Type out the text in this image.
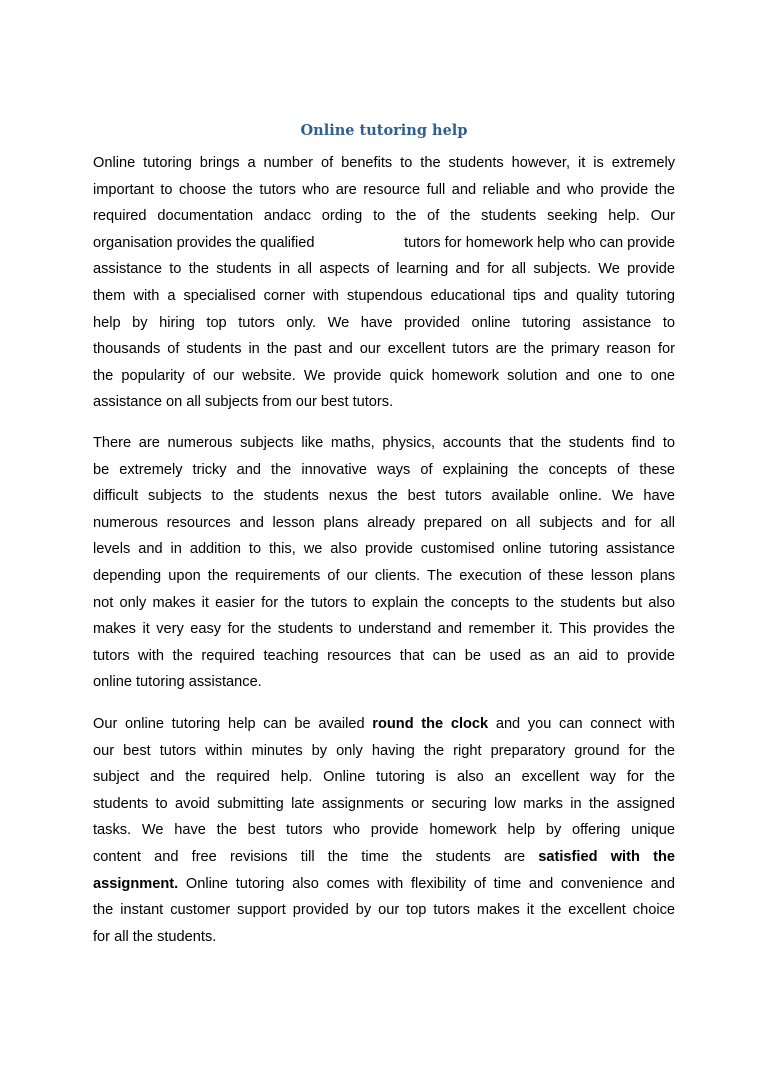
Online tutoring help
Online tutoring brings a number of benefits to the students however, it is extremely
important to choose the tutors who are resource full and reliable and who provide the
required documentation andacc ording to the of the students seeking help. Our
organisation provides the qualified	tutors for homework help who can provide
assistance to the students in all aspects of learning and for all subjects. We provide
them with a specialised corner with stupendous educational tips and quality tutoring
help by hiring top tutors only. We have provided online tutoring assistance to
thousands of students in the past and our excellent tutors are the primary reason for
the popularity of our website. We provide quick homework solution and one to one
assistance on all subjects from our best tutors.
There are numerous subjects like maths, physics, accounts that the students find to
be extremely tricky and the innovative ways of explaining the concepts of these
difficult subjects to the students nexus the best tutors available online. We have
numerous resources and lesson plans already prepared on all subjects and for all
levels and in addition to this, we also provide customised online tutoring assistance
depending upon the requirements of our clients. The execution of these lesson plans
not only makes it easier for the tutors to explain the concepts to the students but also
makes it very easy for the students to understand and remember it. This provides the
tutors with the required teaching resources that can be used as an aid to provide
online tutoring assistance.
Our online tutoring help can be availed round the clock and you can connect with
our best tutors within minutes by only having the right preparatory ground for the
subject and the required help. Online tutoring is also an excellent way for the
students to avoid submitting late assignments or securing low marks in the assigned
tasks. We have the best tutors who provide homework help by offering unique
content and free revisions till the time the students are satisfied with the
assignment. Online tutoring also comes with flexibility of time and convenience and
the instant customer support provided by our top tutors makes it the excellent choice
for all the students.
